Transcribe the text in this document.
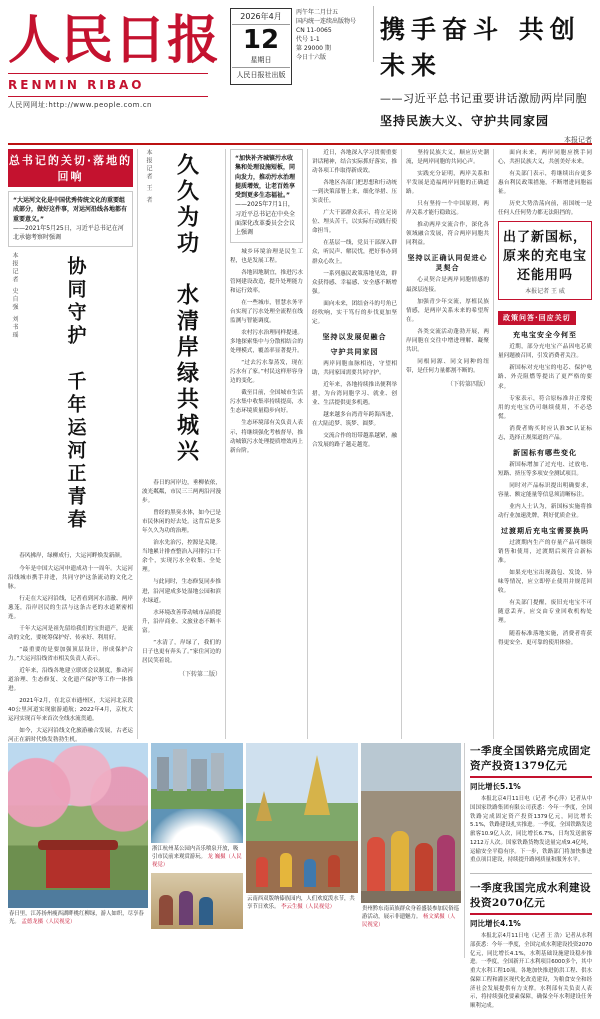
人民日报
RENMIN RIBAO
人民网网址:http://www.people.com.cn
2026年4月
12
星期日
人民日报社出版
丙午年二月廿五
国内统一连续出版物号
CN 11-0065
代号 1-1
第 29000 期
今日十六版
携手奋斗 共创未来
——习近平总书记重要讲话激励两岸同胞
坚持民族大义、守护共同家园
本报记者
总书记的关切·落地的回响
“大运河文化是中国优秀传统文化的重要组成部分，做好这件事，对运河沿线各地都有重要意义。”
——2021年5月25日，习近平总书记在河北承德考察时强调
本报记者 史自强 刘书瑶 协同守护　千年运河正青春

春风拂岸，绿柳成行，大运河畔焕发新颜。

今年是中国大运河申遗成功十一周年。大运河沿线城市携手并进，共同守护这条流动的文化之脉。

行走在大运河沿线，记者看到河水清澈、两岸葱茏，沿岸居民的生活与这条古老的水道紧密相连。

千年大运河是祖先留给我们的宝贵遗产，是流动的文化，要统筹保护好、传承好、利用好。

“最重要的是要加强顶层设计，形成保护合力。”大运河沿线省市相关负责人表示。

近年来，沿线各地建立联席会议制度，推动河道治理、生态修复、文化遗产保护等工作一体推进。

2021年2月，在北京市通州区，大运河北京段40公里河道实现旅游通航；2022年4月，京杭大运河实现百年来首次全线水流贯通。

如今，大运河沿线文化旅游融合发展，古老运河正在新时代焕发勃勃生机。

本报记者 王 者 久久为功　水清岸绿共城兴

春日的河岸边，垂柳依依，波光粼粼，市民三三两两沿河漫步。

曾经的黑臭水体，如今已是市民休闲的好去处。这背后是多年久久为功的治理。

治水先治污，控源是关键。当地累计排查整治入河排污口千余个，实现污水全收集、全处理。

与此同时，生态修复同步推进，沿河建成多处湿地公园和滨水绿道。

水环境改善带动城市品质提升，沿岸商业、文旅业态不断丰富。

“水清了，岸绿了，我们的日子也更有奔头了。”家住河边的居民笑着说。

（下转第二版）
“加快补齐城镇污水收集和处理设施短板，同向发力，推动污水治理提质增效，让老百姓享受到更多生态福祉。”
——2025年7月1日，习近平总书记在中央全面深化改革委员会会议上强调

城乡环境治理是民生工程，也是发展工程。

各地因地制宜，推进污水管网建设改造，提升处理能力和运行效率。

在一些城市，智慧水务平台实现了污水处理全流程在线监测与智能调度。

农村污水治理同样提速。多地探索集中与分散相结合的处理模式，覆盖率显著提升。

“过去污水靠蒸发，现在污水有了家。”村民这样形容身边的变化。

截至目前，全国城市生活污水集中收集率持续提高，水生态环境质量稳步向好。

生态环境部有关负责人表示，将继续强化考核督导，推动城镇污水处理提质增效再上新台阶。

近日，各地深入学习贯彻重要讲话精神，结合实际抓好落实，推动各项工作取得新成效。

各地区各部门把思想和行动统一到决策部署上来，细化举措、压实责任。

广大干部群众表示，将立足岗位、埋头苦干，以实际行动践行使命担当。

在基层一线，党员干部深入群众，听民声、解民忧，把好事办到群众心坎上。

一系列惠民政策落地见效，群众获得感、幸福感、安全感不断增强。

面向未来，团结奋斗的号角已经吹响，实干笃行的步伐更加坚定。

坚持以发展促融合
守护共同家园

两岸同胞血脉相连，守望相助，共同家园需要共同守护。

近年来，各地持续推出便利举措，为台湾同胞学习、就业、创业、生活提供更多机遇。

越来越多台湾青年跨海西进，在大陆追梦、筑梦、圆梦。

交流合作的纽带越系越紧，融合发展的路子越走越宽。

坚持民族大义，顺应历史潮流，是两岸同胞的共同心声。

实践充分证明，两岸关系和平发展是造福两岸同胞的正确道路。

只有坚持一个中国原则，两岸关系才能行稳致远。

推动两岸交流合作，深化各领域融合发展，符合两岸同胞共同利益。

坚持以正确认同促进心灵契合

心灵契合是两岸同胞情感的最深层连接。

加强青少年交流，厚植民族情感，是两岸关系未来的希望所在。

各类交流活动蓬勃开展，两岸同胞在交往中增进理解、凝聚共识。

同根同源、同文同种的纽带，是任何力量都割不断的。

（下转第四版）

面向未来，两岸同胞应携手同心，共担民族大义，共创美好未来。

有关部门表示，将继续出台更多惠台利民政策措施，不断增进同胞福祉。

历史大势浩荡向前，祖国统一是任何人任何势力都无法阻挡的。

出了新国标，原来的充电宝还能用吗
本报记者 王 威
政策问答·回应关切
充电宝安全今何至

近期，部分充电宝产品因电芯质量问题被召回，引发消费者关注。

新国标对充电宝的电芯、保护电路、外壳阻燃等提出了更严格的要求。

专家表示，符合原标准并正常使用的充电宝仍可继续使用，不必恐慌。

消费者购买时应认准3C认证标志，选择正规渠道的产品。

新国标有哪些变化

新国标增加了过充电、过放电、短路、挤压等多项安全测试项目。

同时对产品标识提出明确要求，容量、额定能量等信息须清晰标注。

业内人士认为，新国标实施将推动行业加速洗牌，利好优质企业。

过渡期后充电宝需要换吗

过渡期内生产的存量产品可继续销售和使用，过渡期后须符合新标准。

如果充电宝出现鼓包、发烫、异味等情况，应立即停止使用并规范回收。

有关部门提醒，废旧充电宝不可随意丢弃，应交由专业回收机构处理。

随着标准落地实施，消费者将获得更安全、更可靠的使用体验。

春日里，江苏扬州瘦西湖畔桃红柳绿，游人如织，尽享春光。 孟德龙摄（人民视觉）
浙江杭州某公园内音乐喷泉开放，吸引市民前来观赏游玩。 龙 巍摄（人民视觉）
云南西双版纳傣族园内，人们欢度泼水节，共享节日欢乐。 李云生摄（人民视觉）	贵州黔东南苗族群众身着盛装参加民俗巡游活动，展示非遗魅力。 杨文斌摄（人民视觉）
一季度全国铁路完成固定资产投资1379亿元
同比增长5.1%

本报北京4月11日电（记者 李心萍）记者从中国国家铁路集团有限公司获悉：今年一季度，全国铁路完成固定资产投资1379亿元，同比增长5.1%，铁路建设扎实推进。一季度，全国铁路发送旅客10.9亿人次，同比增长6.7%，日均发送旅客1212万人次。国家铁路货物发送量完成9.4亿吨，运输安全平稳有序。下一步，铁路部门将加快推进重点项目建设，持续提升路网质量和服务水平。

一季度我国完成水利建设投资2070亿元
同比增长4.1%

本报北京4月11日电（记者 王 浩）记者从水利部获悉：今年一季度，全国完成水利建设投资2070亿元，同比增长4.1%，水利基础设施建设稳步推进。一季度，全国新开工水利项目6000多个，其中重大水利工程10项。各地加快推进防洪工程、供水保障工程和灌区现代化改造建设，为粮食安全和经济社会发展提供有力支撑。水利部有关负责人表示，将持续强化要素保障，确保全年水利建设任务顺利完成。
